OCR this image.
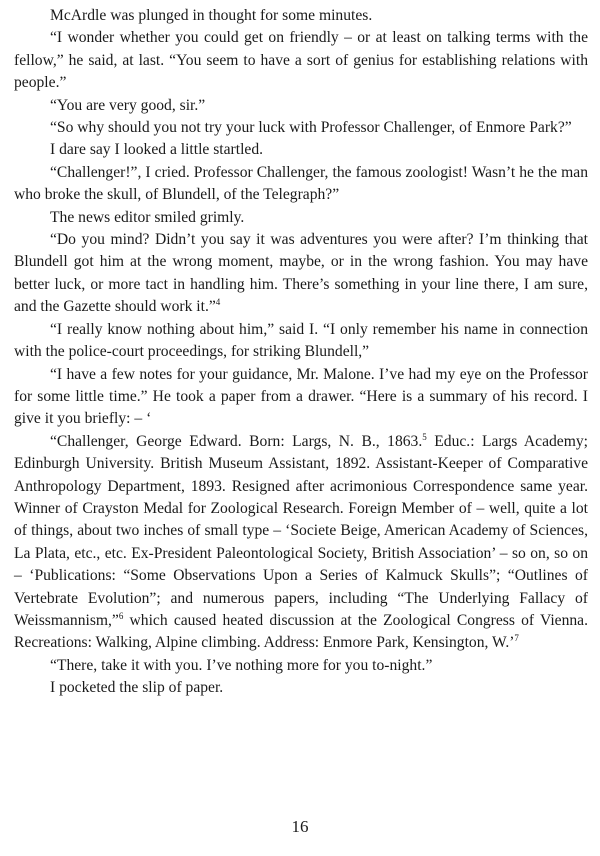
McArdle was plunged in thought for some minutes.

“I wonder whether you could get on friendly – or at least on talking terms with the fellow,” he said, at last. “You seem to have a sort of genius for establishing relations with people.”

“You are very good, sir.”

“So why should you not try your luck with Professor Challenger, of Enmore Park?”

I dare say I looked a little startled.

“Challenger!”, I cried. Professor Challenger, the famous zoologist! Wasn’t he the man who broke the skull, of Blundell, of the Telegraph?”

The news editor smiled grimly.

“Do you mind? Didn’t you say it was adventures you were after? I’m thinking that Blundell got him at the wrong moment, maybe, or in the wrong fashion. You may have better luck, or more tact in handling him. There’s something in your line there, I am sure, and the Gazette should work it.”$^4$

“I really know nothing about him,” said I. “I only remember his name in connection with the police-court proceedings, for striking Blundell,”

“I have a few notes for your guidance, Mr. Malone. I’ve had my eye on the Professor for some little time.” He took a paper from a drawer. “Here is a summary of his record. I give it you briefly: – ‘

“Challenger, George Edward. Born: Largs, N. B., 1863.$^5$ Educ.: Largs Academy; Edinburgh University. British Museum Assistant, 1892. Assistant-Keeper of Comparative Anthropology Department, 1893. Resigned after acrimonious Correspondence same year. Winner of Crayston Medal for Zoological Research. Foreign Member of – well, quite a lot of things, about two inches of small type – ‘Societe Beige, American Academy of Sciences, La Plata, etc., etc. Ex-President Paleontological Society, British Association’ – so on, so on – ‘Publications: “Some Observations Upon a Series of Kalmuck Skulls”; “Outlines of Vertebrate Evolution”; and numerous papers, including “The Underlying Fallacy of Weissmannism,”$^6$ which caused heated discussion at the Zoological Congress of Vienna. Recreations: Walking, Alpine climbing. Address: Enmore Park, Kensington, W.’$^7$

“There, take it with you. I’ve nothing more for you to-night.”

I pocketed the slip of paper.

16
